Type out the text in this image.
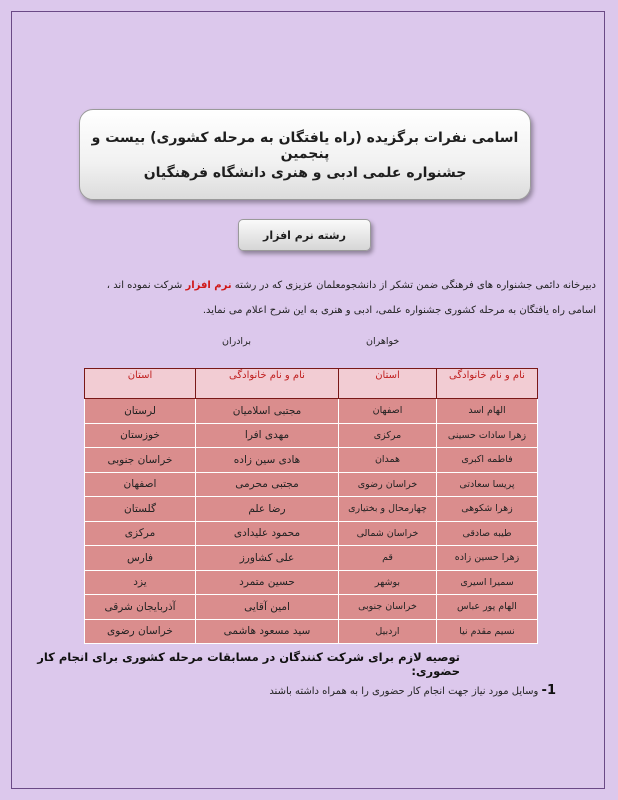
اسامی نفرات برگزیده (راه یافتگان به مرحله کشوری) بیست و پنجمین
جشنواره علمی ادبی و هنری دانشگاه فرهنگیان
رشته نرم افزار
دبیرخانه دائمی جشنواره های فرهنگی ضمن تشکر از دانشجومعلمان عزیزی که در رشته نرم افزار شرکت نموده اند ،
اسامی راه یافتگان به مرحله کشوری جشنواره علمی، ادبی و هنری به این شرح اعلام می نماید.
خواهران
برادران
نام و نام خانوادگی	استان	نام و نام خانوادگی	استان
الهام اسد	اصفهان	مجتبی اسلامیان	لرستان
زهرا سادات حسینی	مرکزی	مهدی افرا	خوزستان
فاطمه اکبری	همدان	هادی سین زاده	خراسان جنوبی
پریسا سعادتی	خراسان رضوی	مجتبی محرمی	اصفهان
زهرا شکوهی	چهارمحال و بختیاری	رضا علم	گلستان
طیبه صادقی	خراسان شمالی	محمود علیدادی	مرکزی
زهرا حسین زاده	قم	علی کشاورز	فارس
سمیرا اسیری	بوشهر	حسین متمرد	یزد
الهام پور عباس	خراسان جنوبی	امین آقایی	آذربایجان شرقی
نسیم مقدم نیا	اردبیل	سید مسعود هاشمی	خراسان رضوی
توصیه لازم برای شرکت کنندگان در مسابقات مرحله کشوری برای انجام کار حضوری:
1- وسایل مورد نیاز جهت انجام کار حضوری را به همراه داشته باشند
